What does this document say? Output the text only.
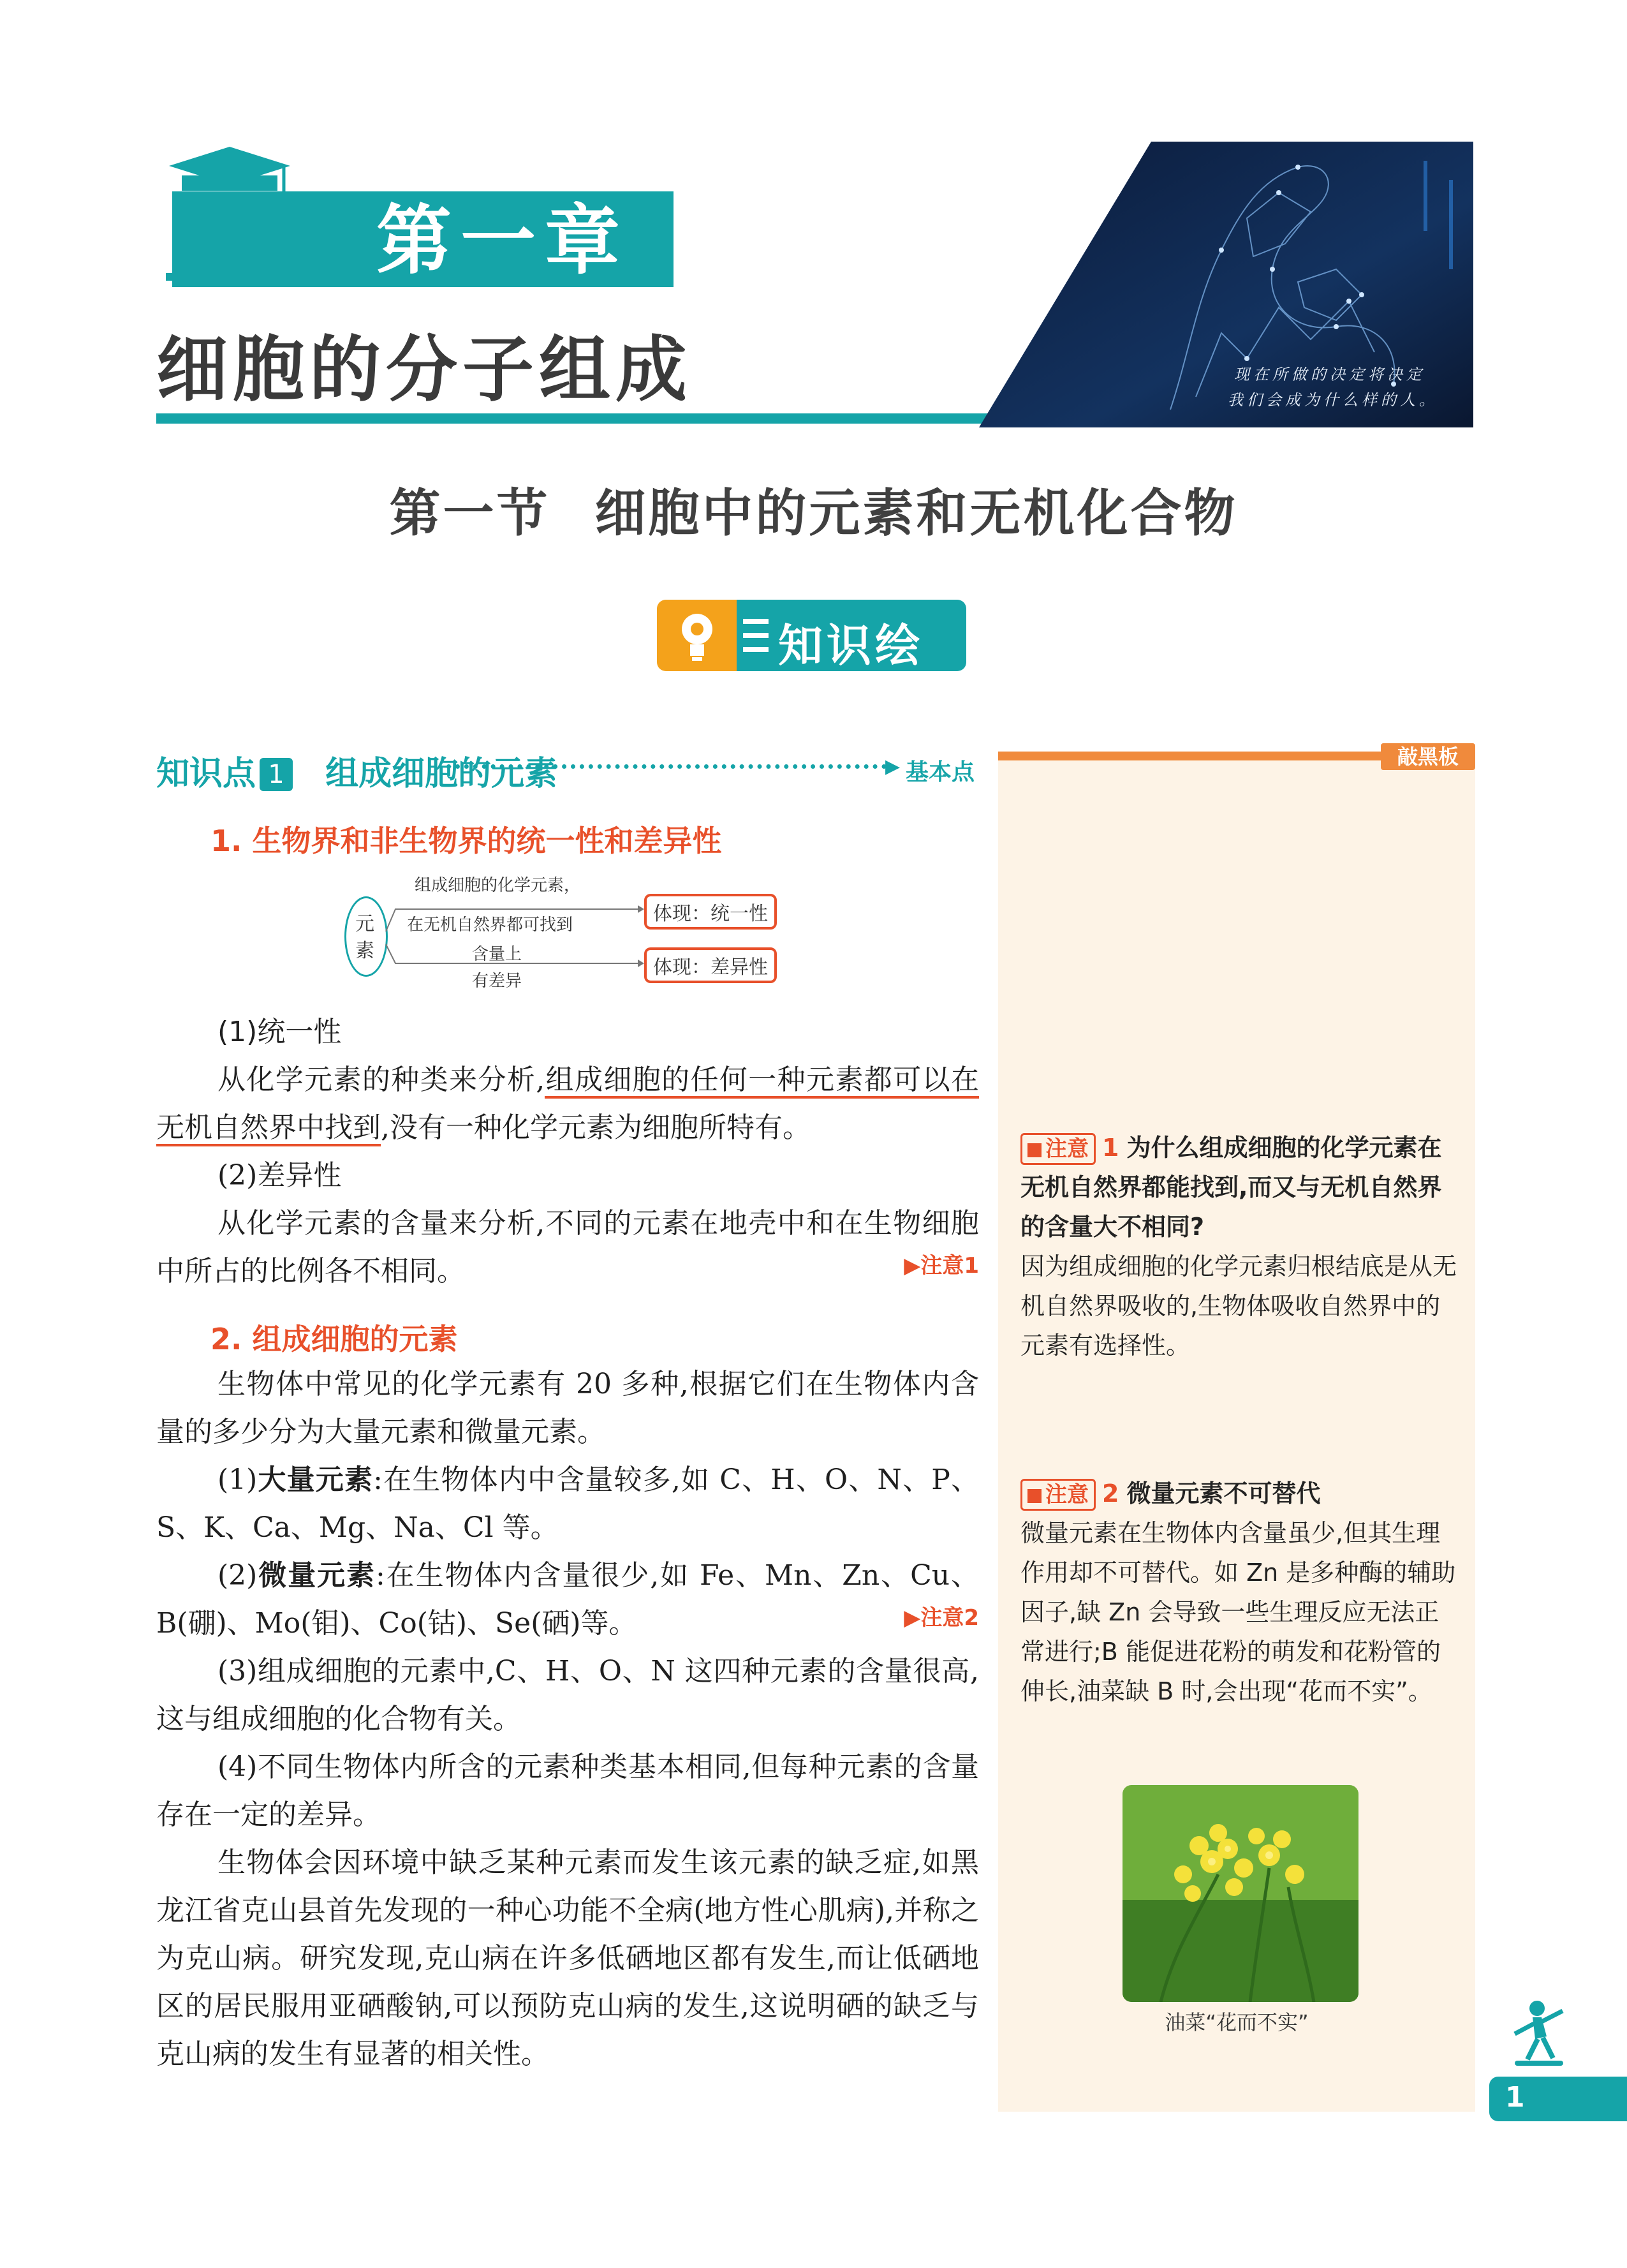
第一章
细胞的分子组成	现在所做的决定将决定
我们会成为什么样的人。
第一节 细胞中的元素和无机化合物
知识绘
知识点 1 组成细胞的元素	▶ 基本点
1. 生物界和非生物界的统一性和差异性
元
素
组成细胞的化学元素，
在无机自然界都可找到
含量上
有差异
体现：统一性
体现：差异性

(1)统一性

从化学元素的种类来分析,组成细胞的任何一种元素都可以在无机自然界中找到,没有一种化学元素为细胞所特有。

(2)差异性

从化学元素的含量来分析,不同的元素在地壳中和在生物细胞中所占的比例各不相同。	▶注意1

2. 组成细胞的元素

生物体中常见的化学元素有 20 多种,根据它们在生物体内含量的多少分为大量元素和微量元素。

(1)大量元素:在生物体内中含量较多,如 C、H、O、N、P、S、K、Ca、Mg、Na、Cl 等。

(2)微量元素:在生物体内含量很少,如 Fe、Mn、Zn、Cu、B(硼)、Mo(钼)、Co(钴)、Se(硒)等。	▶注意2

(3)组成细胞的元素中,C、H、O、N 这四种元素的含量很高,这与组成细胞的化合物有关。

(4)不同生物体内所含的元素种类基本相同,但每种元素的含量存在一定的差异。

生物体会因环境中缺乏某种元素而发生该元素的缺乏症,如黑龙江省克山县首先发现的一种心功能不全病(地方性心肌病),并称之为克山病。研究发现,克山病在许多低硒地区都有发生,而让低硒地区的居民服用亚硒酸钠,可以预防克山病的发生,这说明硒的缺乏与克山病的发生有显著的相关性。

敲黑板
注意 1 为什么组成细胞的化学元素在无机自然界都能找到,而又与无机自然界的含量大不相同?
因为组成细胞的化学元素归根结底是从无机自然界吸收的,生物体吸收自然界中的元素有选择性。
注意 2 微量元素不可替代
微量元素在生物体内含量虽少,但其生理作用却不可替代。如 Zn 是多种酶的辅助因子,缺 Zn 会导致一些生理反应无法正常进行;B 能促进花粉的萌发和花粉管的伸长,油菜缺 B 时,会出现“花而不实”。
油菜“花而不实”
1
